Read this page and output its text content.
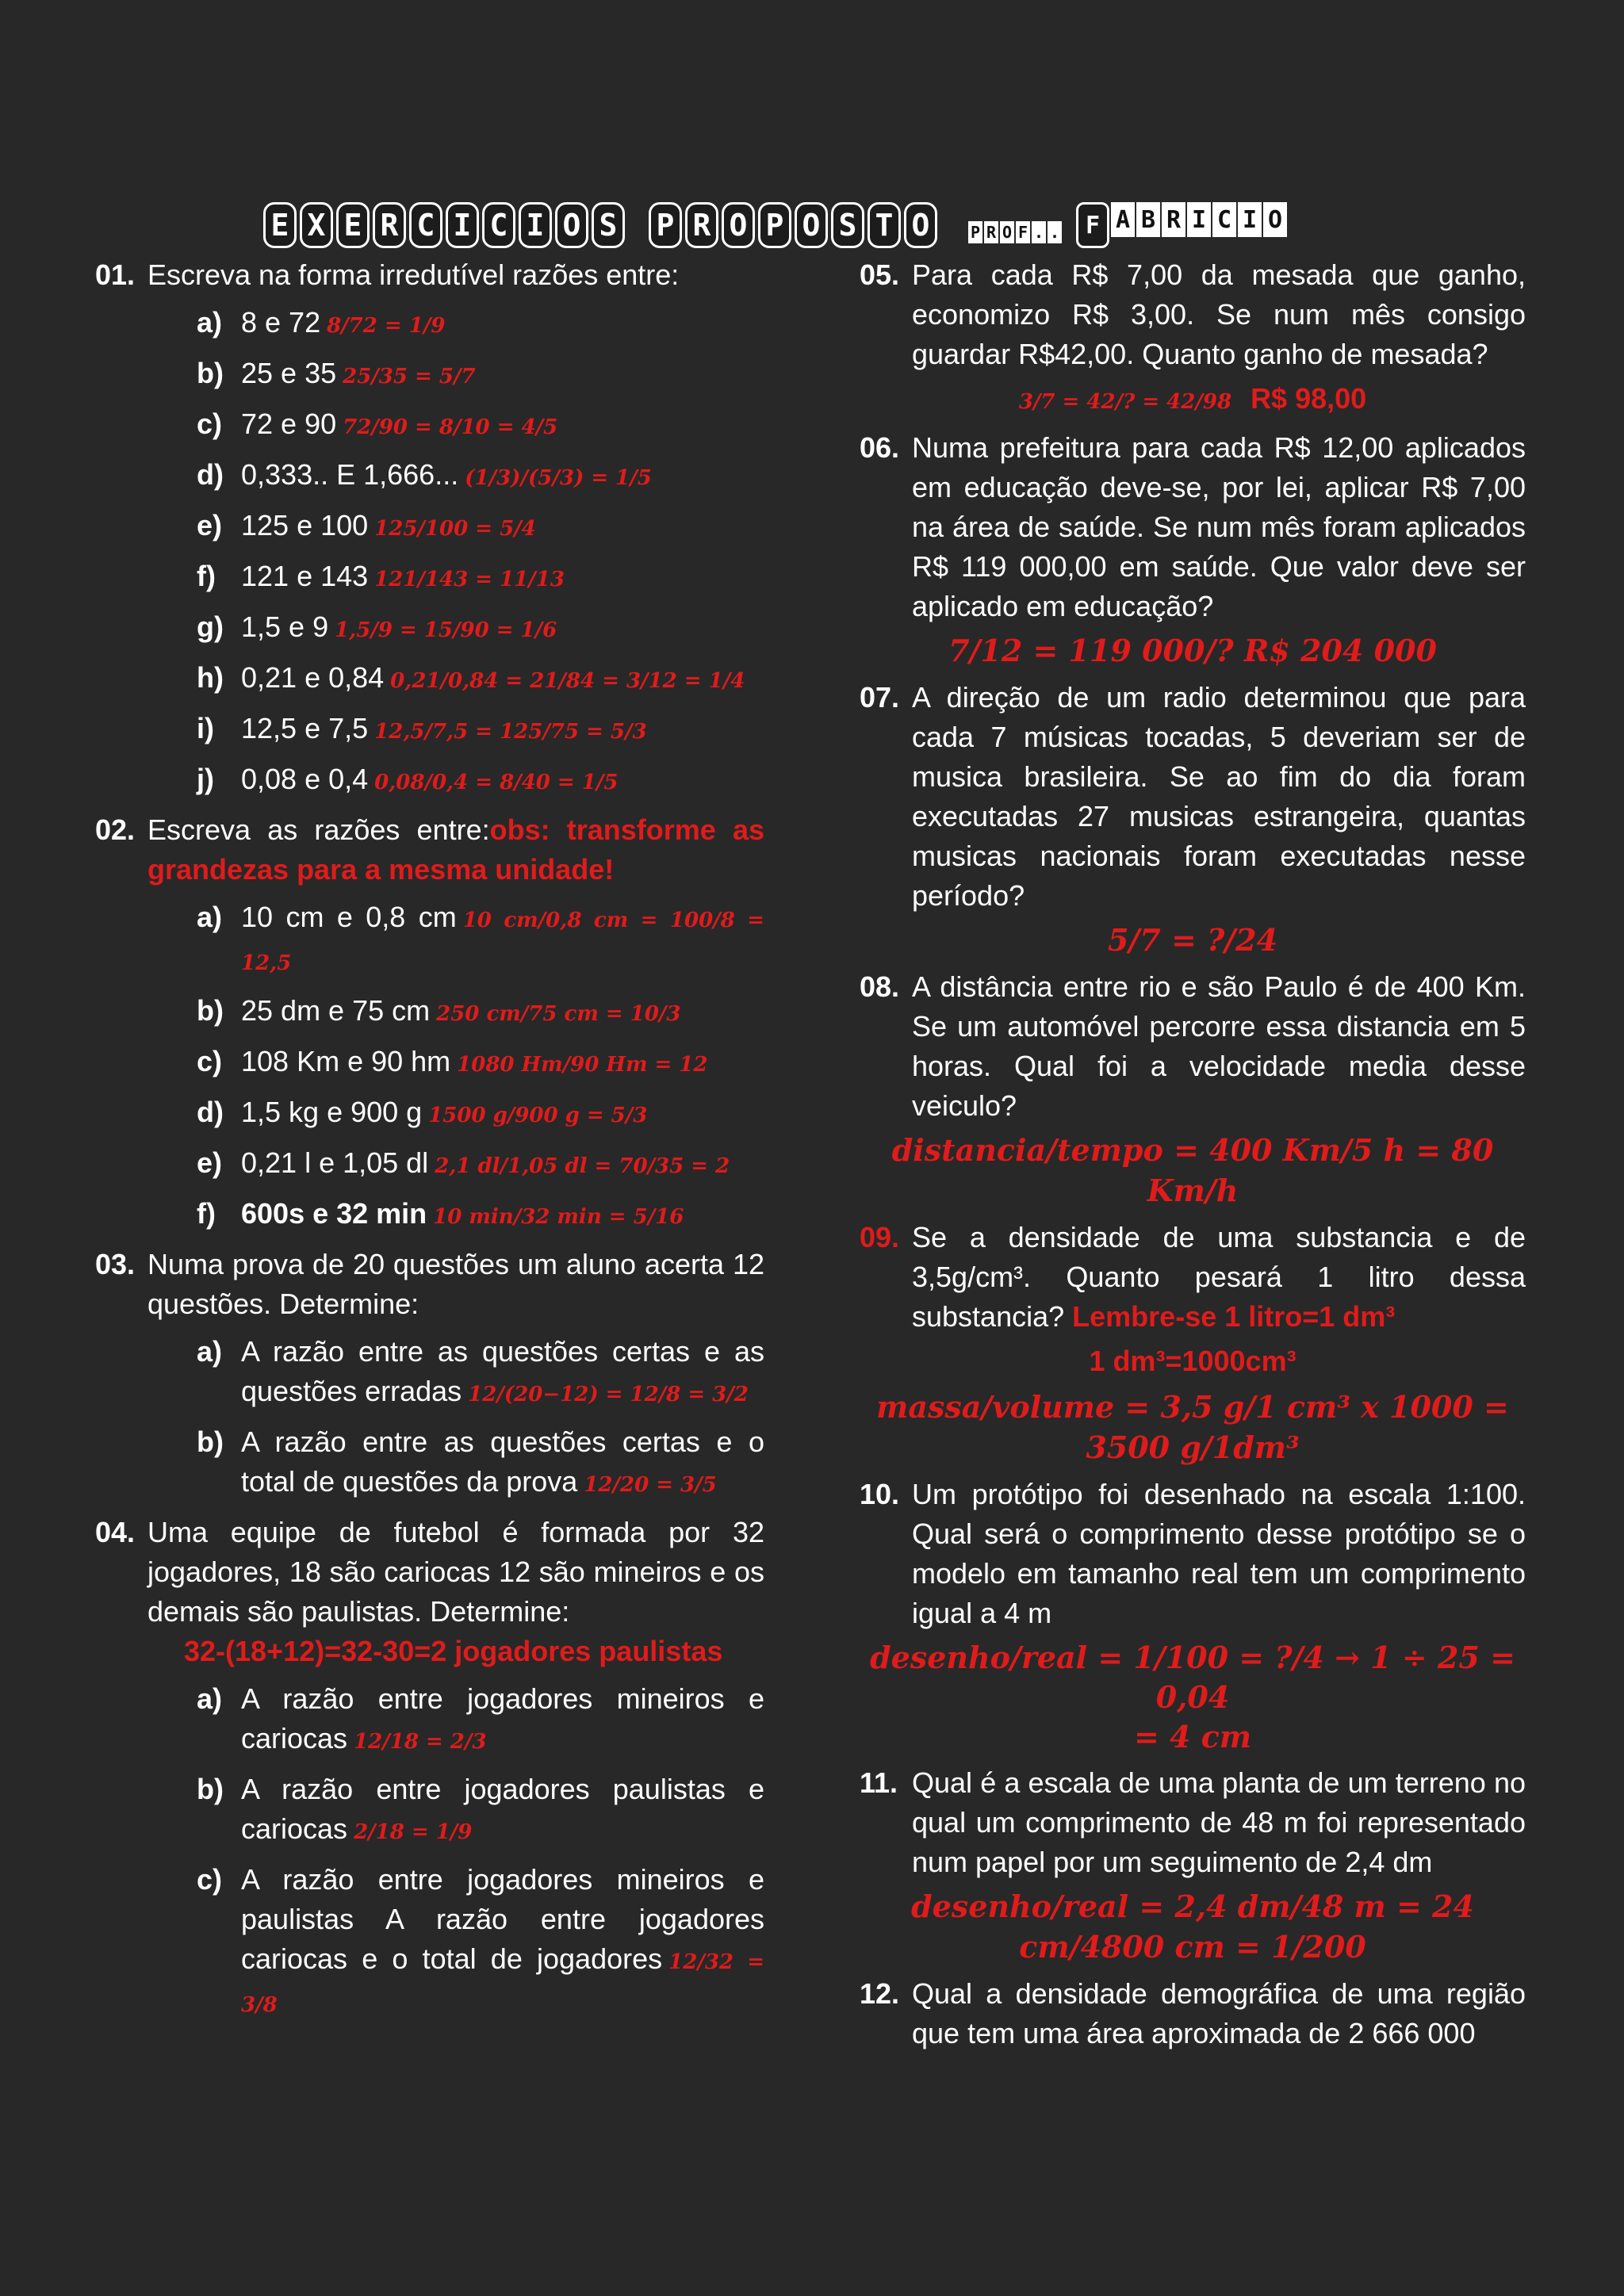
E X E R C I C I O S P R O P O S T O	P R O F . .	F A B R I C I O
01. Escreva na forma irredutível razões entre:
a) 8 e 72 8/72 = 1/9
b) 25 e 35 25/35 = 5/7
c) 72 e 90 72/90 = 8/10 = 4/5
d) 0,333.. E 1,666... (1/3)/(5/3) = 1/5
e) 125 e 100 125/100 = 5/4
f) 121 e 143 121/143 = 11/13
g) 1,5 e 9 1,5/9 = 15/90 = 1/6
h) 0,21 e 0,84 0,21/0,84 = 21/84 = 3/12 = 1/4
i) 12,5 e 7,5 12,5/7,5 = 125/75 = 5/3
j) 0,08 e 0,4 0,08/0,4 = 8/40 = 1/5
02. Escreva as razões entre:obs: transforme as grandezas para a mesma unidade!
a) 10 cm e 0,8 cm 10 cm/0,8 cm = 100/8 = 12,5
b) 25 dm e 75 cm 250 cm/75 cm = 10/3
c) 108 Km e 90 hm 1080 Hm/90 Hm = 12
d) 1,5 kg e 900 g 1500 g/900 g = 5/3
e) 0,21 l e 1,05 dl 2,1 dl/1,05 dl = 70/35 = 2
f) 600s e 32 min 10 min/32 min = 5/16
03. Numa prova de 20 questões um aluno acerta 12 questões. Determine:
a) A razão entre as questões certas e as questões erradas 12/(20−12) = 12/8 = 3/2
b) A razão entre as questões certas e o total de questões da prova 12/20 = 3/5
04. Uma equipe de futebol é formada por 32 jogadores, 18 são cariocas 12 são mineiros e os demais são paulistas. Determine:
32-(18+12)=32-30=2 jogadores paulistas
a) A razão entre jogadores mineiros e cariocas 12/18 = 2/3
b) A razão entre jogadores paulistas e cariocas 2/18 = 1/9
c) A razão entre jogadores mineiros e paulistas A razão entre jogadores cariocas e o total de jogadores 12/32 = 3/8
05. Para cada R$ 7,00 da mesada que ganho, economizo R$ 3,00. Se num mês consigo guardar R$42,00. Quanto ganho de mesada?
3/7 = 42/? = 42/98 R$ 98,00
06. Numa prefeitura para cada R$ 12,00 aplicados em educação deve-se, por lei, aplicar R$ 7,00 na área de saúde. Se num mês foram aplicados R$ 119 000,00 em saúde. Que valor deve ser aplicado em educação?
7/12 = 119 000/? R$ 204 000
07. A direção de um radio determinou que para cada 7 músicas tocadas, 5 deveriam ser de musica brasileira. Se ao fim do dia foram executadas 27 musicas estrangeira, quantas musicas nacionais foram executadas nesse período?
5/7 = ?/24
08. A distância entre rio e são Paulo é de 400 Km. Se um automóvel percorre essa distancia em 5 horas. Qual foi a velocidade media desse veiculo?
distancia/tempo = 400 Km/5 h = 80 Km/h
09. Se a densidade de uma substancia e de 3,5g/cm³. Quanto pesará 1 litro dessa substancia? Lembre-se 1 litro=1 dm³
1 dm³=1000cm³
massa/volume = 3,5 g/1 cm³ x 1000 = 3500 g/1dm³
10. Um protótipo foi desenhado na escala 1:100. Qual será o comprimento desse protótipo se o modelo em tamanho real tem um comprimento igual a 4 m
desenho/real = 1/100 = ?/4 → 1 ÷ 25 = 0,04
= 4 cm
11. Qual é a escala de uma planta de um terreno no qual um comprimento de 48 m foi representado num papel por um seguimento de 2,4 dm
desenho/real = 2,4 dm/48 m = 24 cm/4800 cm = 1/200
12. Qual a densidade demográfica de uma região que tem uma área aproximada de 2 666 000
